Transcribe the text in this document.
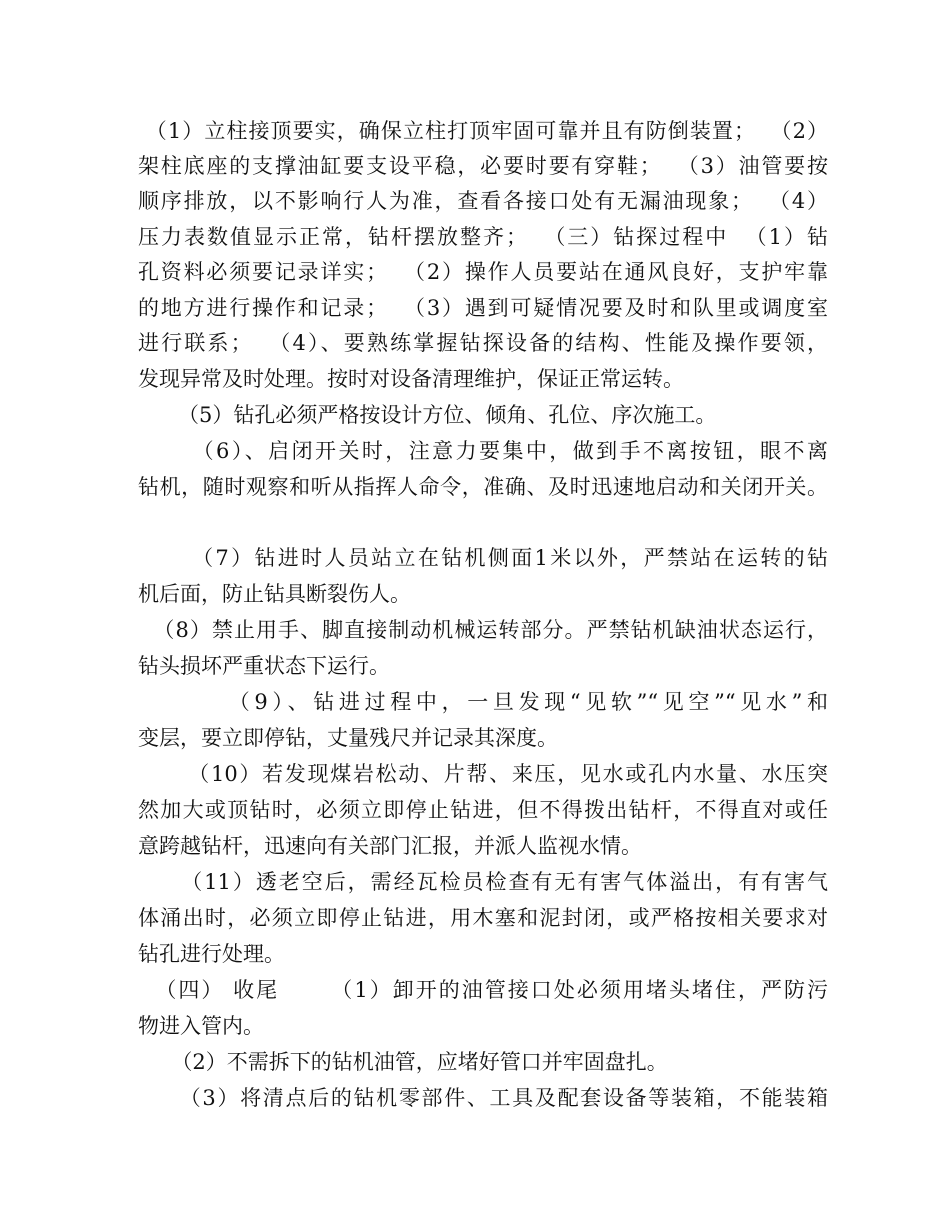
（1）立柱接顶要实，确保立柱打顶牢固可靠并且有防倒装置；  （2）
架柱底座的支撑油缸要支设平稳，必要时要有穿鞋；  （3）油管要按
顺序排放，以不影响行人为准，查看各接口处有无漏油现象；  （4）
压力表数值显示正常，钻杆摆放整齐；  （三）钻探过程中  （1）钻
孔资料必须要记录详实；  （2）操作人员要站在通风良好，支护牢靠
的地方进行操作和记录；  （3）遇到可疑情况要及时和队里或调度室
进行联系；  （4）、要熟练掌握钻探设备的结构、性能及操作要领，
发现异常及时处理。按时对设备清理维护，保证正常运转。
（5）钻孔必须严格按设计方位、倾角、孔位、序次施工。
（6）、启闭开关时，注意力要集中，做到手不离按钮，眼不离
钻机，随时观察和听从指挥人命令，准确、及时迅速地启动和关闭开关。
（7）钻进时人员站立在钻机侧面1米以外，严禁站在运转的钻
机后面，防止钻具断裂伤人。
（8）禁止用手、脚直接制动机械运转部分。严禁钻机缺油状态运行，
钻头损坏严重状态下运行。
（9）、钻进过程中，一旦发现“见软”“见空”“见水”和
变层，要立即停钻，丈量残尺并记录其深度。
（10）若发现煤岩松动、片帮、来压，见水或孔内水量、水压突
然加大或顶钻时，必须立即停止钻进，但不得拨出钻杆，不得直对或任
意跨越钻杆，迅速向有关部门汇报，并派人监视水情。
（11）透老空后，需经瓦检员检查有无有害气体溢出，有有害气
体涌出时，必须立即停止钻进，用木塞和泥封闭，或严格按相关要求对
钻孔进行处理。
（四） 收尾      （1）卸开的油管接口处必须用堵头堵住，严防污
物进入管内。
（2）不需拆下的钻机油管，应堵好管口并牢固盘扎。
（3）将清点后的钻机零部件、工具及配套设备等装箱，不能装箱
